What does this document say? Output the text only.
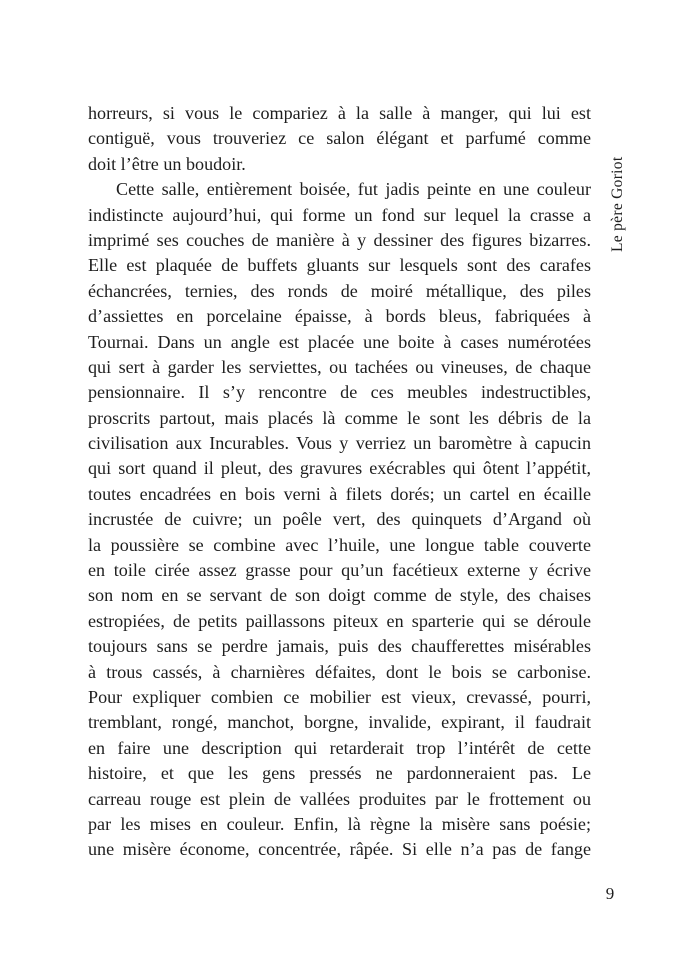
horreurs, si vous le compariez à la salle à manger, qui lui est
contiguë, vous trouveriez ce salon élégant et parfumé comme
doit l’être un boudoir.
Cette salle, entièrement boisée, fut jadis peinte en une couleur
indistincte aujourd’hui, qui forme un fond sur lequel la crasse a
imprimé ses couches de manière à y dessiner des figures bizarres.
Elle est plaquée de buffets gluants sur lesquels sont des carafes
échancrées, ternies, des ronds de moiré métallique, des piles
d’assiettes en porcelaine épaisse, à bords bleus, fabriquées à
Tournai. Dans un angle est placée une boite à cases numérotées
qui sert à garder les serviettes, ou tachées ou vineuses, de chaque
pensionnaire. Il s’y rencontre de ces meubles indestructibles,
proscrits partout, mais placés là comme le sont les débris de la
civilisation aux Incurables. Vous y verriez un baromètre à capucin
qui sort quand il pleut, des gravures exécrables qui ôtent l’appétit,
toutes encadrées en bois verni à filets dorés; un cartel en écaille
incrustée de cuivre; un poêle vert, des quinquets d’Argand où
la poussière se combine avec l’huile, une longue table couverte
en toile cirée assez grasse pour qu’un facétieux externe y écrive
son nom en se servant de son doigt comme de style, des chaises
estropiées, de petits paillassons piteux en sparterie qui se déroule
toujours sans se perdre jamais, puis des chaufferettes misérables
à trous cassés, à charnières défaites, dont le bois se carbonise.
Pour expliquer combien ce mobilier est vieux, crevassé, pourri,
tremblant, rongé, manchot, borgne, invalide, expirant, il faudrait
en faire une description qui retarderait trop l’intérêt de cette
histoire, et que les gens pressés ne pardonneraient pas. Le
carreau rouge est plein de vallées produites par le frottement ou
par les mises en couleur. Enfin, là règne la misère sans poésie;
une misère économe, concentrée, râpée. Si elle n’a pas de fange
Le père Goriot
9
